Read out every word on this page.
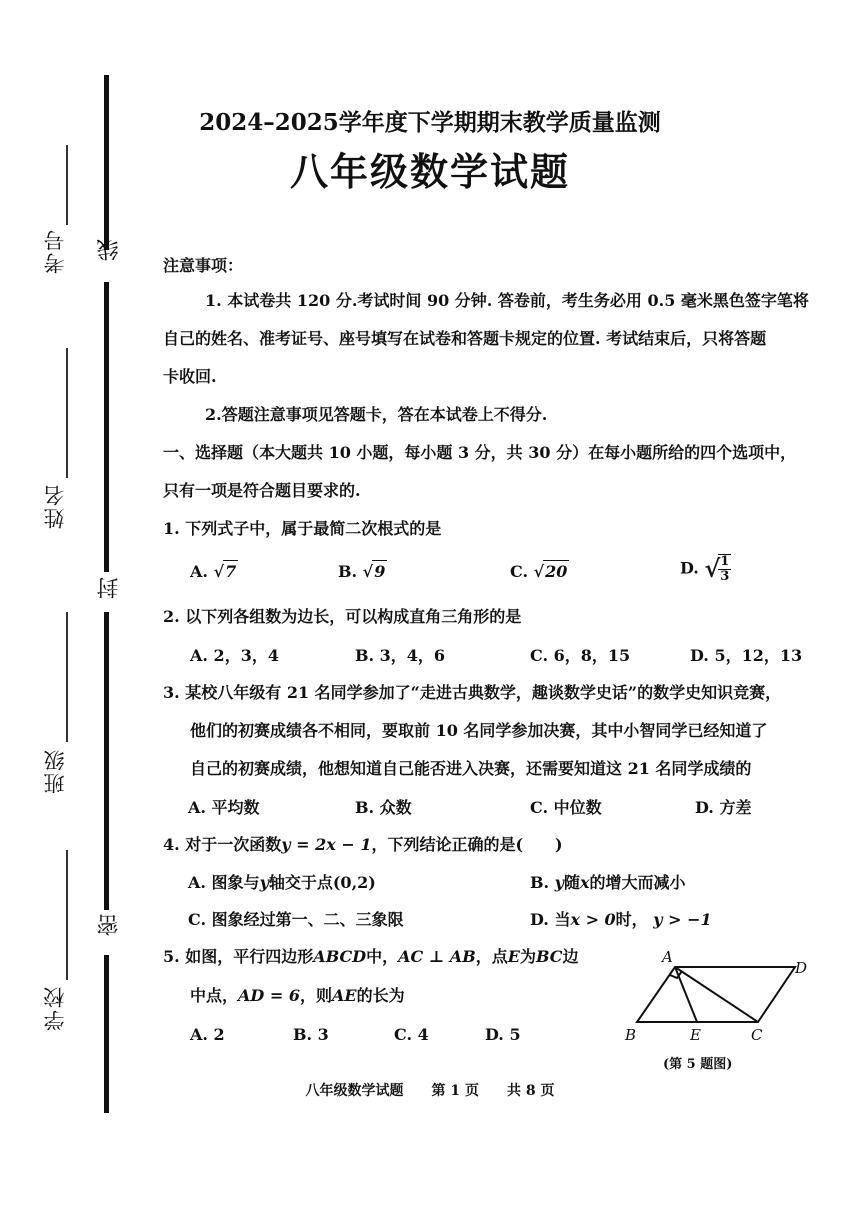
线
封
密
考号
姓名
班级
学校
2024–2025学年度下学期期末教学质量监测
八年级数学试题
注意事项：
1. 本试卷共 120 分.考试时间 90 分钟. 答卷前，考生务必用 0.5 毫米黑色签字笔将
自己的姓名、准考证号、座号填写在试卷和答题卡规定的位置. 考试结束后，只将答题
卡收回.
2.答题注意事项见答题卡，答在本试卷上不得分.
一、选择题（本大题共 10 小题，每小题 3 分，共 30 分）在每小题所给的四个选项中，
只有一项是符合题目要求的.
1. 下列式子中，属于最简二次根式的是
A. √7	B. √9	C. √20	D. √
$\frac{1}{3}$
2. 以下列各组数为边长，可以构成直角三角形的是
A. 2，3，4	B. 3，4，6	C. 6，8，15	D. 5，12，13
3. 某校八年级有 21 名同学参加了“走进古典数学，趣谈数学史话”的数学史知识竞赛，
他们的初赛成绩各不相同，要取前 10 名同学参加决赛，其中小智同学已经知道了
自己的初赛成绩，他想知道自己能否进入决赛，还需要知道这 21 名同学成绩的
A. 平均数	B. 众数	C. 中位数	D. 方差
4. 对于一次函数y = 2x − 1，下列结论正确的是(　　)
A. 图象与y轴交于点(0,2)	B. y随x的增大而减小
C. 图象经过第一、二、三象限	D. 当x > 0时， y > −1
5. 如图，平行四边形ABCD中，AC ⊥ AB，点E为BC边
中点，AD = 6，则AE的长为
A. 2	B. 3	C. 4	D. 5
A
D
B	E	C
(第 5 题图)
八年级数学试题　　第 1 页　　共 8 页
